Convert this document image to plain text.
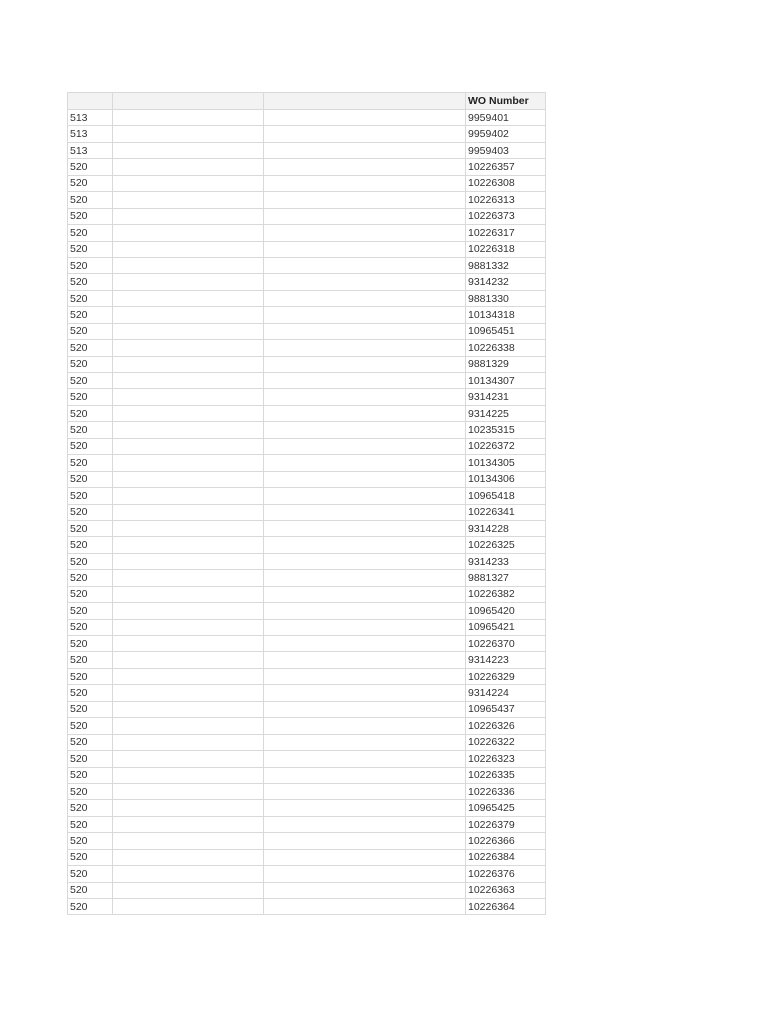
			WO Number
513			9959401
513			9959402
513			9959403
520			10226357
520			10226308
520			10226313
520			10226373
520			10226317
520			10226318
520			9881332
520			9314232
520			9881330
520			10134318
520			10965451
520			10226338
520			9881329
520			10134307
520			9314231
520			9314225
520			10235315
520			10226372
520			10134305
520			10134306
520			10965418
520			10226341
520			9314228
520			10226325
520			9314233
520			9881327
520			10226382
520			10965420
520			10965421
520			10226370
520			9314223
520			10226329
520			9314224
520			10965437
520			10226326
520			10226322
520			10226323
520			10226335
520			10226336
520			10965425
520			10226379
520			10226366
520			10226384
520			10226376
520			10226363
520			10226364
